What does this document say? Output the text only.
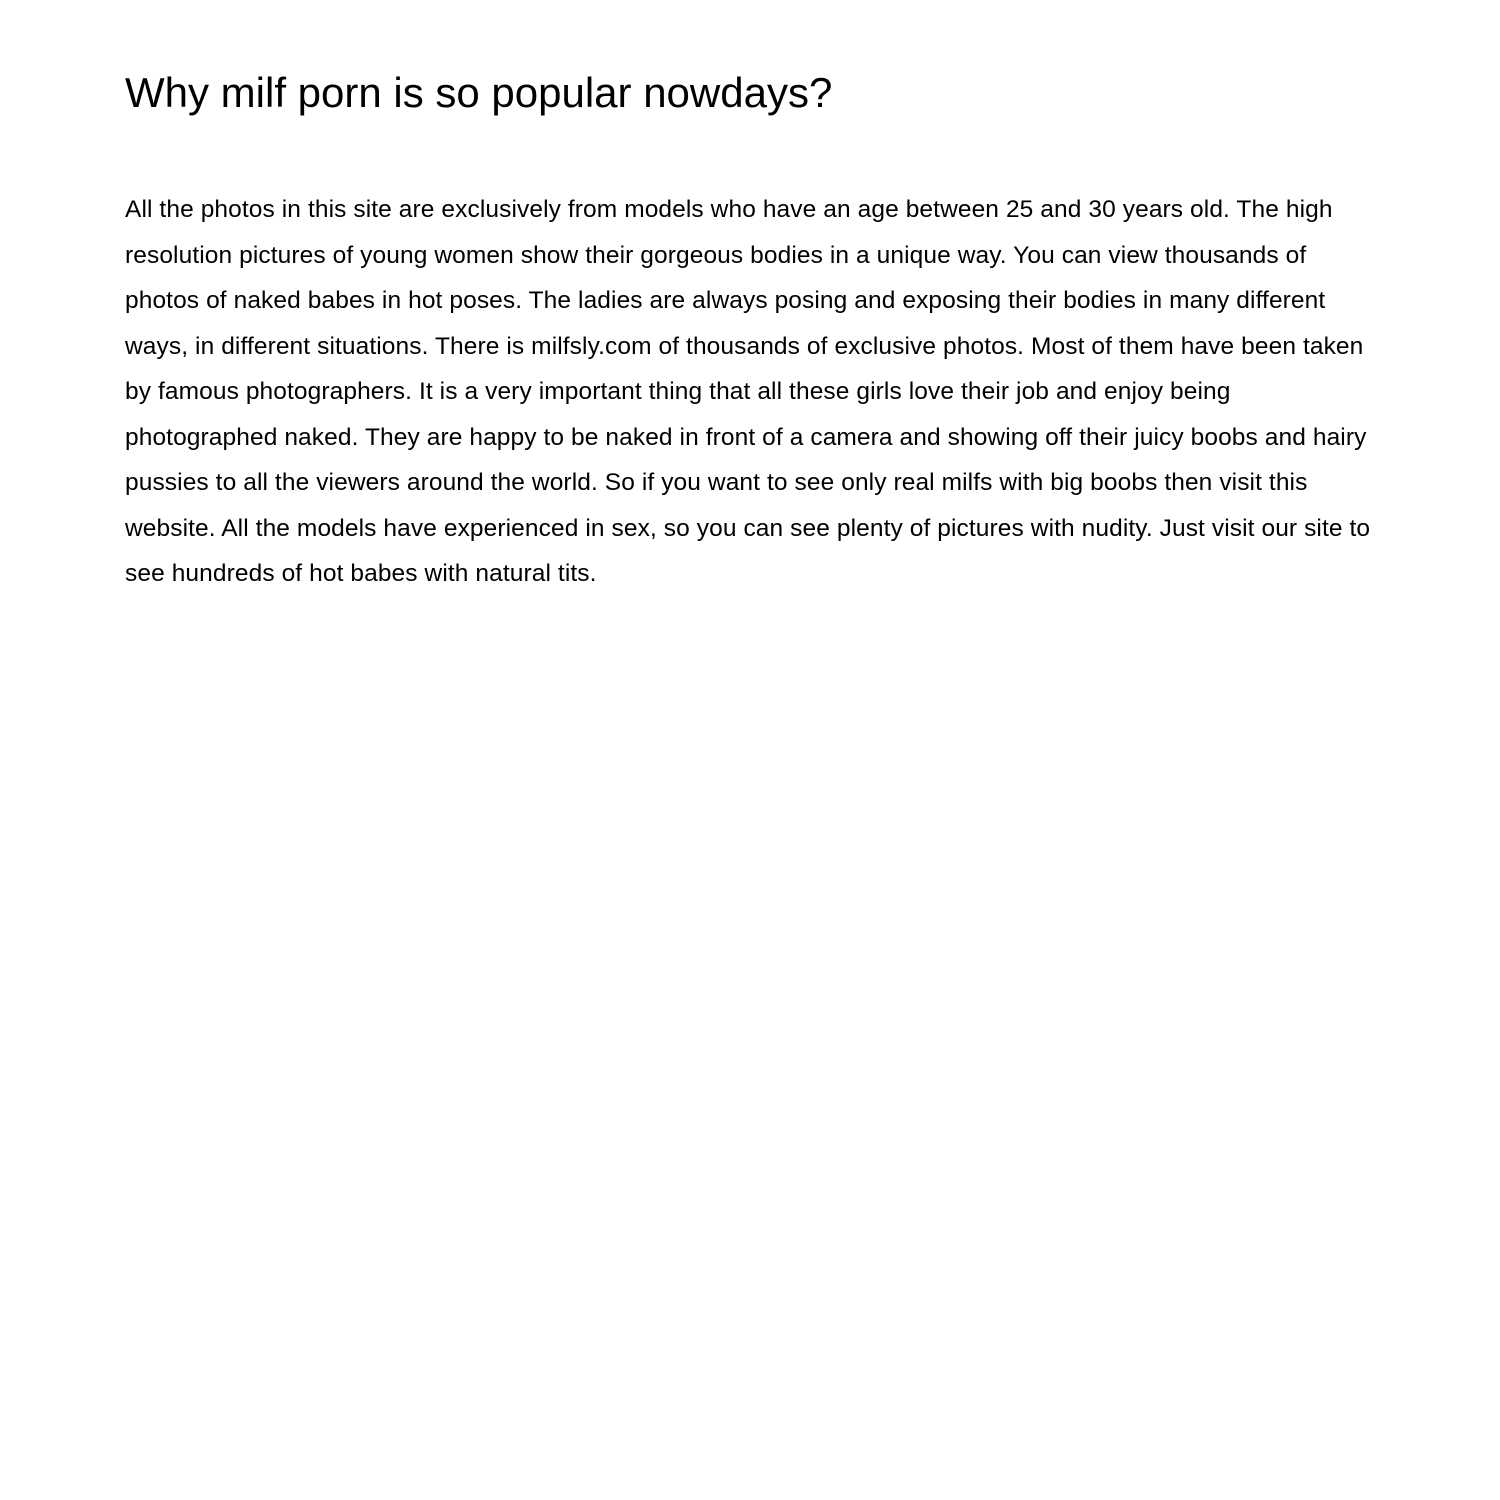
Why milf porn is so popular nowdays?

All the photos in this site are exclusively from models who have an age between 25 and 30 years old. The high resolution pictures of young women show their gorgeous bodies in a unique way. You can view thousands of photos of naked babes in hot poses. The ladies are always posing and exposing their bodies in many different ways, in different situations. There is milfsly.com of thousands of exclusive photos. Most of them have been taken by famous photographers. It is a very important thing that all these girls love their job and enjoy being photographed naked. They are happy to be naked in front of a camera and showing off their juicy boobs and hairy pussies to all the viewers around the world. So if you want to see only real milfs with big boobs then visit this website. All the models have experienced in sex, so you can see plenty of pictures with nudity. Just visit our site to see hundreds of hot babes with natural tits.
